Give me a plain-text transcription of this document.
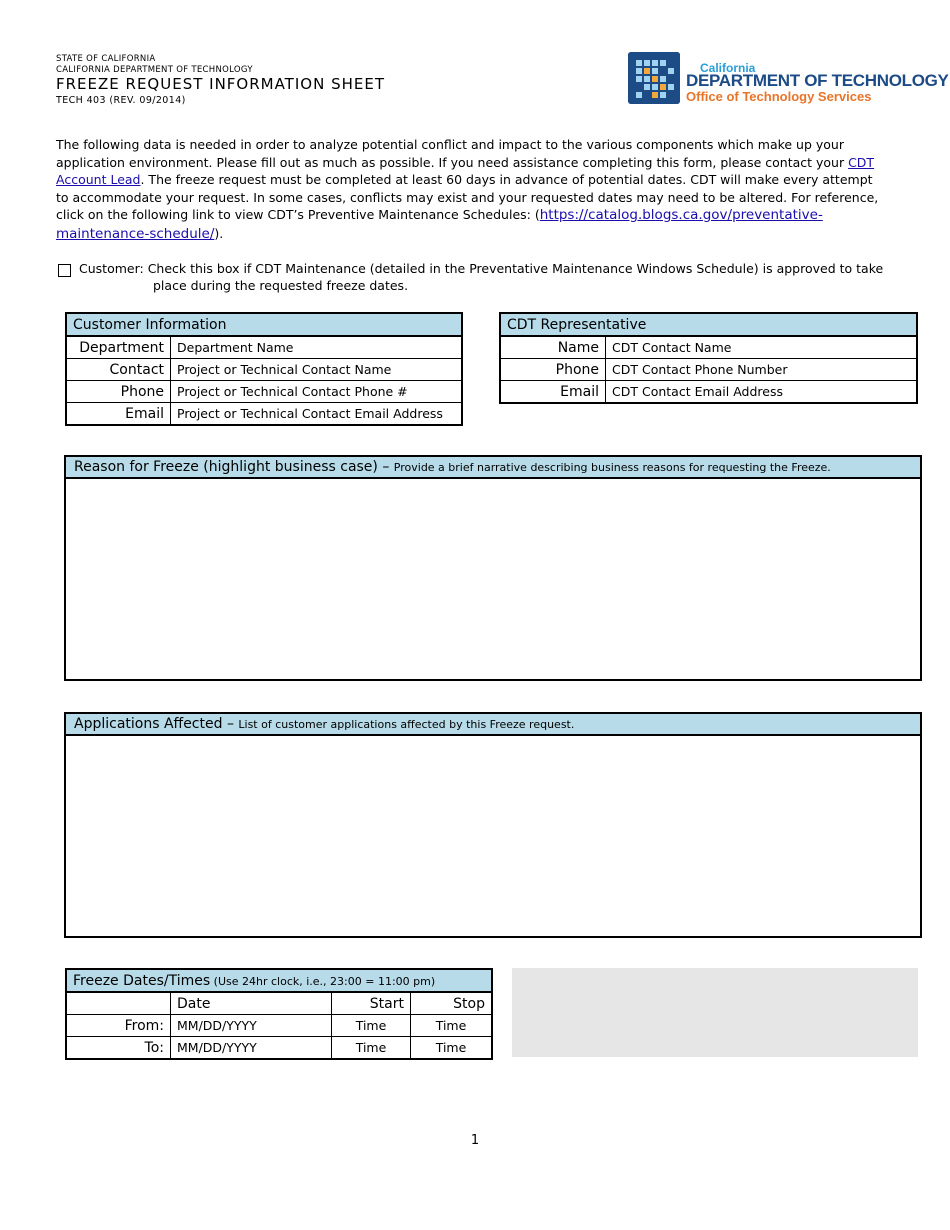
STATE OF CALIFORNIA
CALIFORNIA DEPARTMENT OF TECHNOLOGY
FREEZE REQUEST INFORMATION SHEET
TECH 403 (REV. 09/2014)
California
DEPARTMENT OF TECHNOLOGY
Office of Technology Services
The following data is needed in order to analyze potential conflict and impact to the various components which make up your application environment. Please fill out as much as possible. If you need assistance completing this form, please contact your CDT Account Lead. The freeze request must be completed at least 60 days in advance of potential dates. CDT will make every attempt to accommodate your request. In some cases, conflicts may exist and your requested dates may need to be altered. For reference, click on the following link to view CDT’s Preventive Maintenance Schedules: (https://catalog.blogs.ca.gov/preventative-maintenance-schedule/).
Customer: Check this box if CDT Maintenance (detailed in the Preventative Maintenance Windows Schedule) is approved to take
place during the requested freeze dates.
Customer Information	
Department	Department Name
Contact	Project or Technical Contact Name
Phone	Project or Technical Contact Phone #
Email	Project or Technical Contact Email Address
CDT Representative	
Name	CDT Contact Name
Phone	CDT Contact Phone Number
Email	CDT Contact Email Address
Reason for Freeze (highlight business case) – Provide a brief narrative describing business reasons for requesting the Freeze.
Applications Affected – List of customer applications affected by this Freeze request.
Freeze Dates/Times (Use 24hr clock, i.e., 23:00 = 11:00 pm)			
	Date	Start	Stop
From:	MM/DD/YYYY	Time	Time
To:	MM/DD/YYYY	Time	Time
1
